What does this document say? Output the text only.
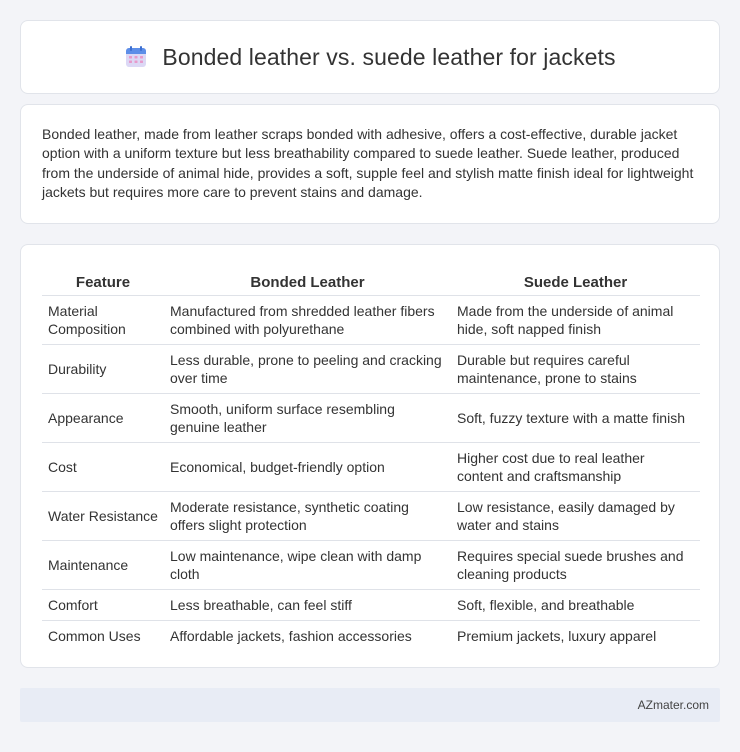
Bonded leather vs. suede leather for jackets

Bonded leather, made from leather scraps bonded with adhesive, offers a cost-effective, durable jacket option with a uniform texture but less breathability compared to suede leather. Suede leather, produced from the underside of animal hide, provides a soft, supple feel and stylish matte finish ideal for lightweight jackets but requires more care to prevent stains and damage.

Feature	Bonded Leather	Suede Leather
Material Composition	Manufactured from shredded leather fibers combined with polyurethane	Made from the underside of animal hide, soft napped finish
Durability	Less durable, prone to peeling and cracking over time	Durable but requires careful maintenance, prone to stains
Appearance	Smooth, uniform surface resembling genuine leather	Soft, fuzzy texture with a matte finish
Cost	Economical, budget-friendly option	Higher cost due to real leather content and craftsmanship
Water Resistance	Moderate resistance, synthetic coating offers slight protection	Low resistance, easily damaged by water and stains
Maintenance	Low maintenance, wipe clean with damp cloth	Requires special suede brushes and cleaning products
Comfort	Less breathable, can feel stiff	Soft, flexible, and breathable
Common Uses	Affordable jackets, fashion accessories	Premium jackets, luxury apparel
AZmater.com
